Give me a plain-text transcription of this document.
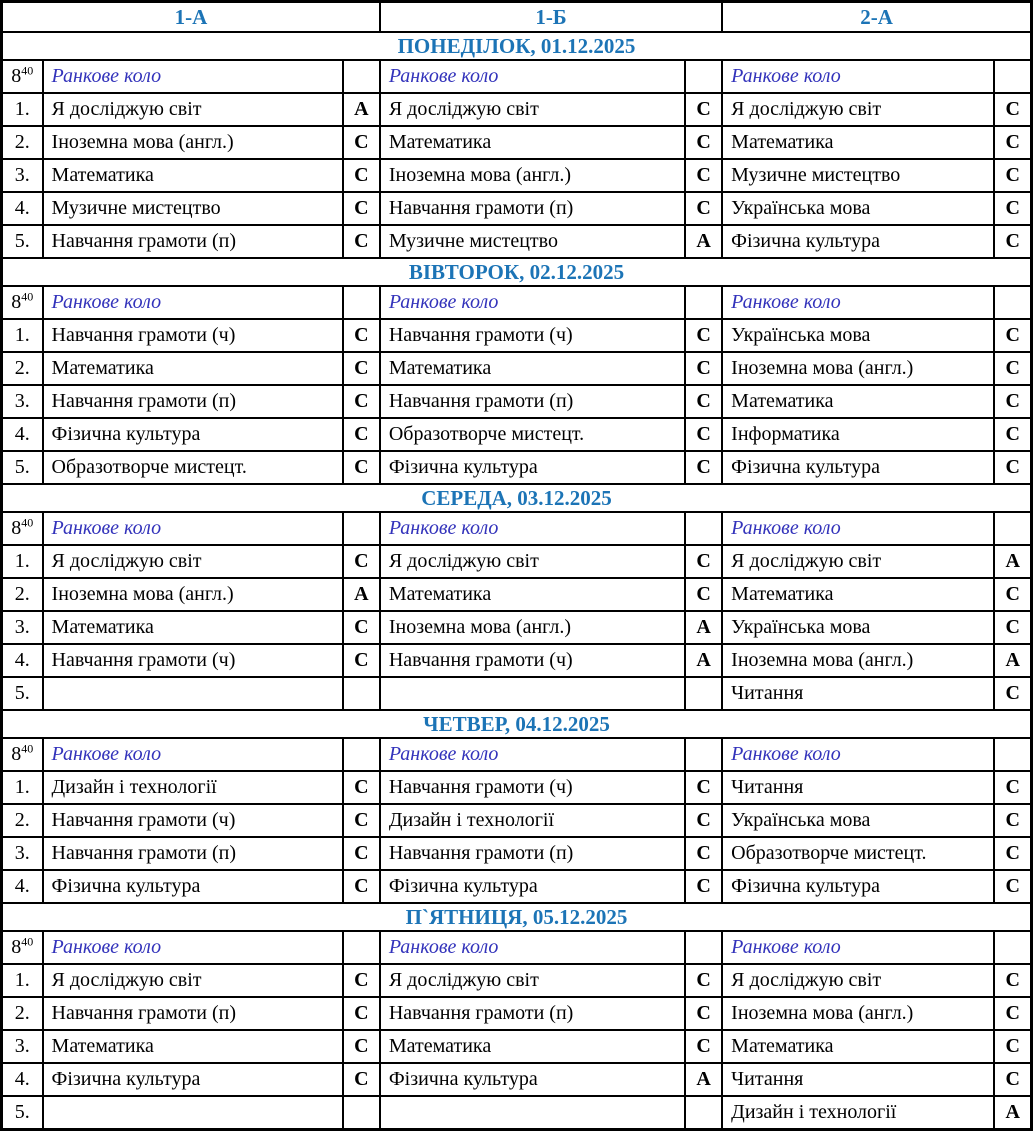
1-А			1-Б		2-А	
ПОНЕДІЛОК, 01.12.2025						
$8^{40}$	Ранкове коло		Ранкове коло		Ранкове коло	
1.	Я досліджую світ	А	Я досліджую світ	С	Я досліджую світ	С
2.	Іноземна мова (англ.)	С	Математика	С	Математика	С
3.	Математика	С	Іноземна мова (англ.)	С	Музичне мистецтво	С
4.	Музичне мистецтво	С	Навчання грамоти (п)	С	Українська мова	С
5.	Навчання грамоти (п)	С	Музичне мистецтво	А	Фізична культура	С
ВІВТОРОК, 02.12.2025						
$8^{40}$	Ранкове коло		Ранкове коло		Ранкове коло	
1.	Навчання грамоти (ч)	С	Навчання грамоти (ч)	С	Українська мова	С
2.	Математика	С	Математика	С	Іноземна мова (англ.)	С
3.	Навчання грамоти (п)	С	Навчання грамоти (п)	С	Математика	С
4.	Фізична культура	С	Образотворче мистецт.	С	Інформатика	С
5.	Образотворче мистецт.	С	Фізична культура	С	Фізична культура	С
СЕРЕДА, 03.12.2025						
$8^{40}$	Ранкове коло		Ранкове коло		Ранкове коло	
1.	Я досліджую світ	С	Я досліджую світ	С	Я досліджую світ	А
2.	Іноземна мова (англ.)	А	Математика	С	Математика	С
3.	Математика	С	Іноземна мова (англ.)	А	Українська мова	С
4.	Навчання грамоти (ч)	С	Навчання грамоти (ч)	А	Іноземна мова (англ.)	А
5.					Читання	С
ЧЕТВЕР, 04.12.2025						
$8^{40}$	Ранкове коло		Ранкове коло		Ранкове коло	
1.	Дизайн і технології	С	Навчання грамоти (ч)	С	Читання	С
2.	Навчання грамоти (ч)	С	Дизайн і технології	С	Українська мова	С
3.	Навчання грамоти (п)	С	Навчання грамоти (п)	С	Образотворче мистецт.	С
4.	Фізична культура	С	Фізична культура	С	Фізична культура	С
П`ЯТНИЦЯ, 05.12.2025						
$8^{40}$	Ранкове коло		Ранкове коло		Ранкове коло	
1.	Я досліджую світ	С	Я досліджую світ	С	Я досліджую світ	С
2.	Навчання грамоти (п)	С	Навчання грамоти (п)	С	Іноземна мова (англ.)	С
3.	Математика	С	Математика	С	Математика	С
4.	Фізична культура	С	Фізична культура	А	Читання	С
5.					Дизайн і технології	А
